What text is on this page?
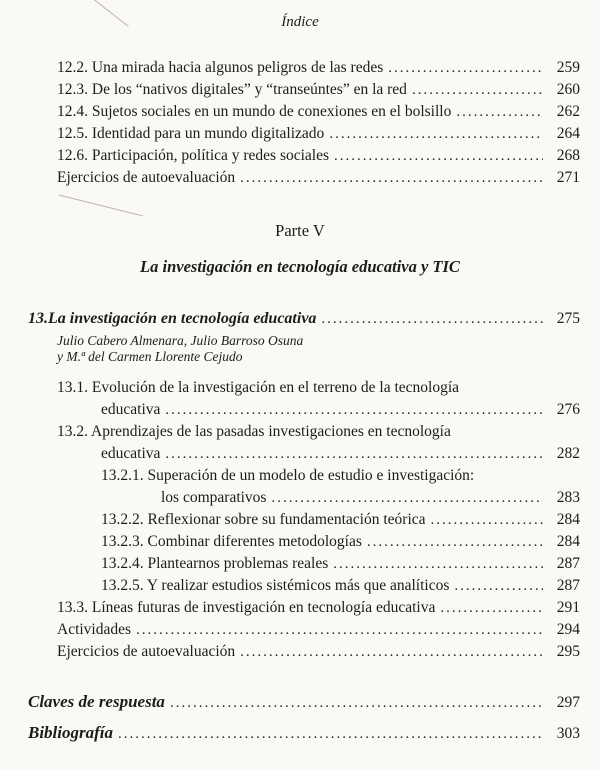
Índice
12.2. Una mirada hacia algunos peligros de las redes .....	259
12.3. De los “nativos digitales” y “transeúntes” en la red .....	260
12.4. Sujetos sociales en un mundo de conexiones en el bolsillo .....	262
12.5. Identidad para un mundo digitalizado .....	264
12.6. Participación, política y redes sociales .....	268
Ejercicios de autoevaluación .....	271
Parte V
La investigación en tecnología educativa y TIC
13. La investigación en tecnología educativa .....	275
Julio Cabero Almenara, Julio Barroso Osuna
y M.ª del Carmen Llorente Cejudo
13.1. Evolución de la investigación en el terreno de la tecnología
educativa .....	276
13.2. Aprendizajes de las pasadas investigaciones en tecnología
educativa .....	282
13.2.1. Superación de un modelo de estudio e investigación:
los comparativos .....	283
13.2.2. Reflexionar sobre su fundamentación teórica .....	284
13.2.3. Combinar diferentes metodologías .....	284
13.2.4. Plantearnos problemas reales .....	287
13.2.5. Y realizar estudios sistémicos más que analíticos .....	287
13.3. Líneas futuras de investigación en tecnología educativa .....	291
Actividades .....	294
Ejercicios de autoevaluación .....	295
Claves de respuesta .....	297
Bibliografía .....	303
